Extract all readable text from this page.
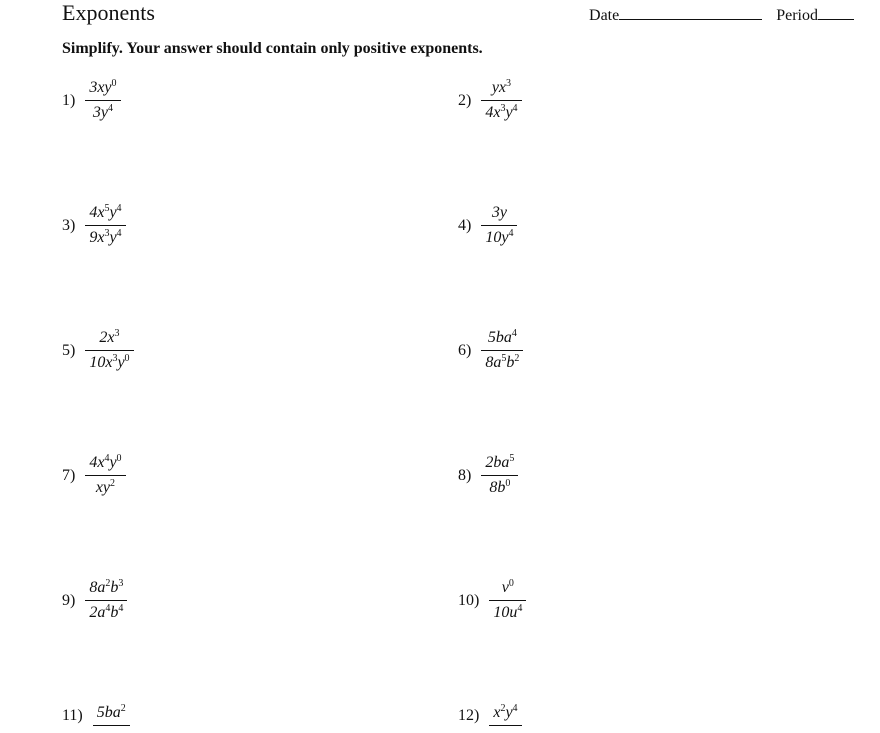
Exponents	Date	Period
Simplify. Your answer should contain only positive exponents.
$1) \frac{3xy^0}{3y^4}$
$3) \frac{4x^5y^4}{9x^3y^4}$
$5) \frac{2x^3}{10x^3y^0}$
$7) \frac{4x^4y^0}{xy^2}$
$9) \frac{8a^2b^3}{2a^4b^4}$
11) $5ba^2$
$2) \frac{yx^3}{4x^3y^4}$
$4) \frac{3y}{10y^4}$
$6) \frac{5ba^4}{8a^5b^2}$
$8) \frac{2ba^5}{8b^0}$
$10) \frac{v^0}{10u^4}$
12) $x^2y^4$
